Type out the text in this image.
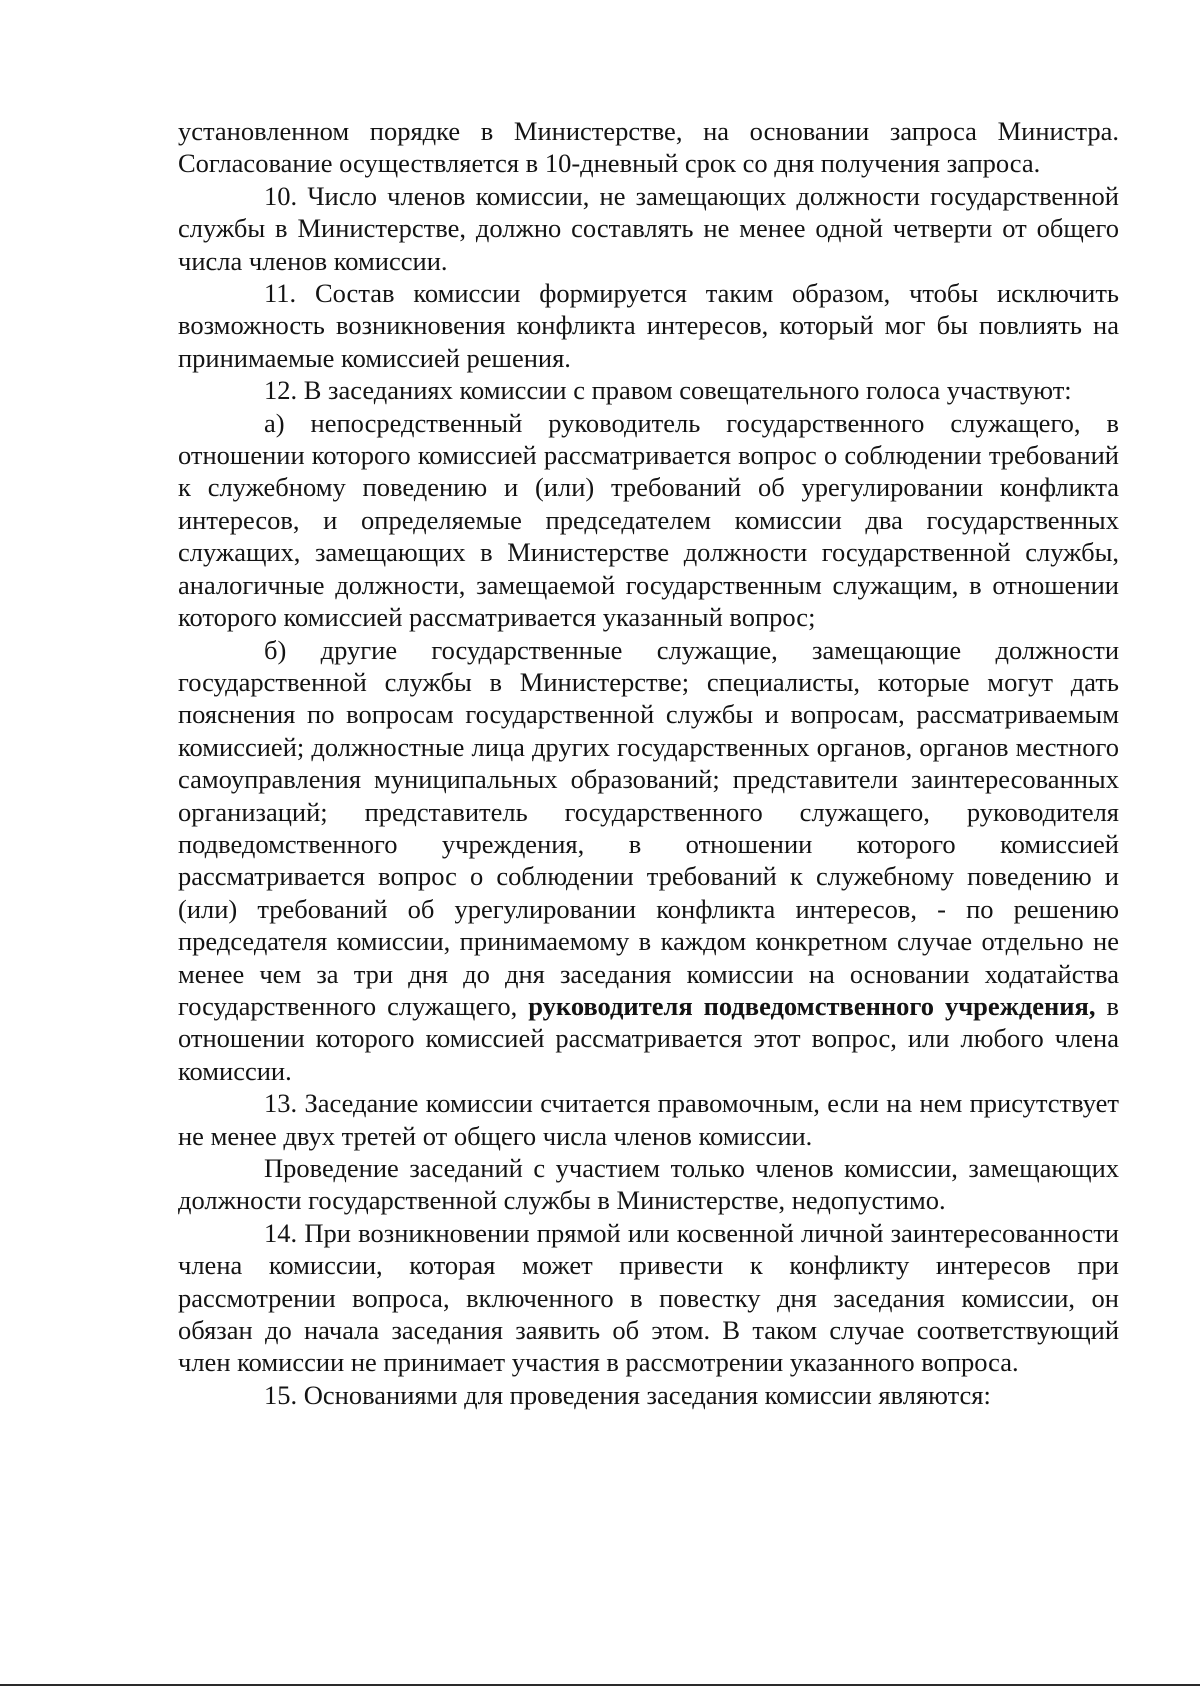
установленном порядке в Министерстве, на основании запроса Министра. Согласование осуществляется в 10-дневный срок со дня получения запроса.

10. Число членов комиссии, не замещающих должности государственной службы в Министерстве, должно составлять не менее одной четверти от общего числа членов комиссии.

11. Состав комиссии формируется таким образом, чтобы исключить возможность возникновения конфликта интересов, который мог бы повлиять на принимаемые комиссией решения.

12. В заседаниях комиссии с правом совещательного голоса участвуют:

а) непосредственный руководитель государственного служащего, в отношении которого комиссией рассматривается вопрос о соблюдении требований к служебному поведению и (или) требований об урегулировании конфликта интересов, и определяемые председателем комиссии два государственных служащих, замещающих в Министерстве должности государственной службы, аналогичные должности, замещаемой государственным служащим, в отношении которого комиссией рассматривается указанный вопрос;

б) другие государственные служащие, замещающие должности государственной службы в Министерстве; специалисты, которые могут дать пояснения по вопросам государственной службы и вопросам, рассматриваемым комиссией; должностные лица других государственных органов, органов местного самоуправления муниципальных образований; представители заинтересованных организаций; представитель государственного служащего, руководителя подведомственного учреждения, в отношении которого комиссией рассматривается вопрос о соблюдении требований к служебному поведению и (или) требований об урегулировании конфликта интересов, - по решению председателя комиссии, принимаемому в каждом конкретном случае отдельно не менее чем за три дня до дня заседания комиссии на основании ходатайства государственного служащего, руководителя подведомственного учреждения, в отношении которого комиссией рассматривается этот вопрос, или любого члена комиссии.

13. Заседание комиссии считается правомочным, если на нем присутствует не менее двух третей от общего числа членов комиссии.

Проведение заседаний с участием только членов комиссии, замещающих должности государственной службы в Министерстве, недопустимо.

14. При возникновении прямой или косвенной личной заинтересованности члена комиссии, которая может привести к конфликту интересов при рассмотрении вопроса, включенного в повестку дня заседания комиссии, он обязан до начала заседания заявить об этом. В таком случае соответствующий член комиссии не принимает участия в рассмотрении указанного вопроса.

15. Основаниями для проведения заседания комиссии являются:
